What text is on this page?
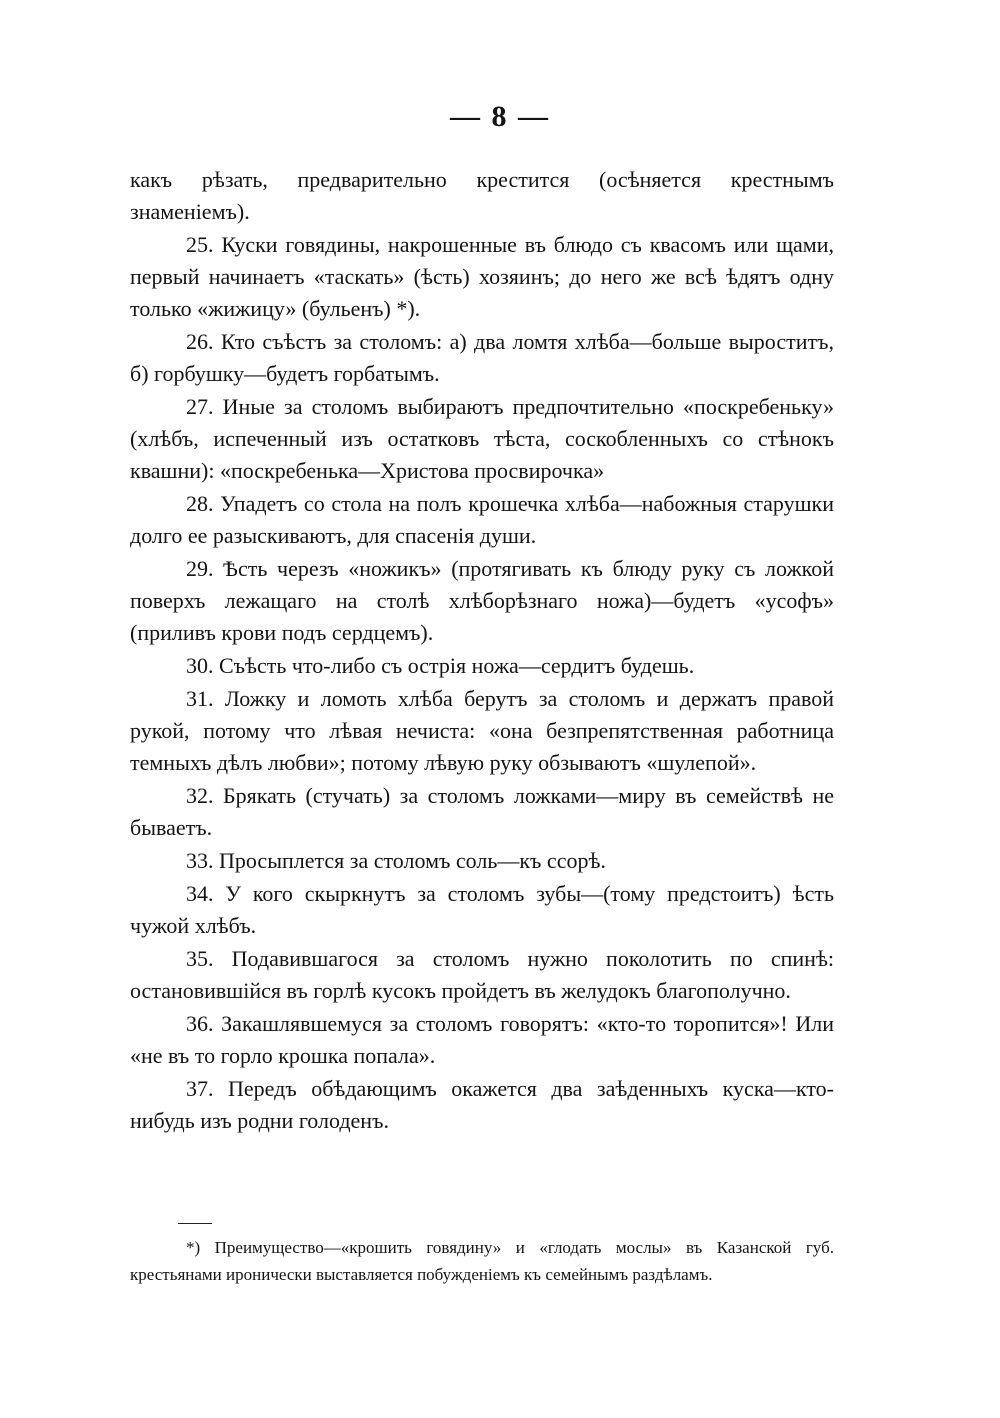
— 8 —

какъ рѣзать, предварительно крестится (осѣняется крестнымъ знаменіемъ).

25. Куски говядины, накрошенные въ блюдо съ квасомъ или щами, первый начинаетъ «таскать» (ѣсть) хозяинъ; до него же всѣ ѣдятъ одну только «жижицу» (бульенъ) *).

26. Кто съѣстъ за столомъ: а) два ломтя хлѣба—больше выроститъ, б) горбушку—будетъ горбатымъ.

27. Иные за столомъ выбираютъ предпочтительно «поскребеньку» (хлѣбъ, испеченный изъ остатковъ тѣста, соскобленныхъ со стѣнокъ квашни): «поскребенька—Христова просвирочка»

28. Упадетъ со стола на полъ крошечка хлѣба—набожныя старушки долго ее разыскиваютъ, для спасенія души.

29. Ѣсть черезъ «ножикъ» (протягивать къ блюду руку съ ложкой поверхъ лежащаго на столѣ хлѣборѣзнаго ножа)—будетъ «усофъ» (приливъ крови подъ сердцемъ).

30. Съѣсть что-либо съ острія ножа—сердитъ будешь.

31. Ложку и ломоть хлѣба берутъ за столомъ и держатъ правой рукой, потому что лѣвая нечиста: «она безпрепятственная работница темныхъ дѣлъ любви»; потому лѣвую руку обзываютъ «шулепой».

32. Брякать (стучать) за столомъ ложками—миру въ семействѣ не бываетъ.

33. Просыплется за столомъ соль—къ ссорѣ.

34. У кого скыркнутъ за столомъ зубы—(тому предстоитъ) ѣсть чужой хлѣбъ.

35. Подавившагося за столомъ нужно поколотить по спинѣ: остановившійся въ горлѣ кусокъ пройдетъ въ желудокъ благополучно.

36. Закашлявшемуся за столомъ говорятъ: «кто-то торопится»! Или «не въ то горло крошка попала».

37. Передъ обѣдающимъ окажется два заѣденныхъ куска—кто-нибудь изъ родни голоденъ.

*) Преимущество—«крошить говядину» и «глодать мослы» въ Казанской губ. крестьянами иронически выставляется побужденіемъ къ семейнымъ раздѣламъ.
